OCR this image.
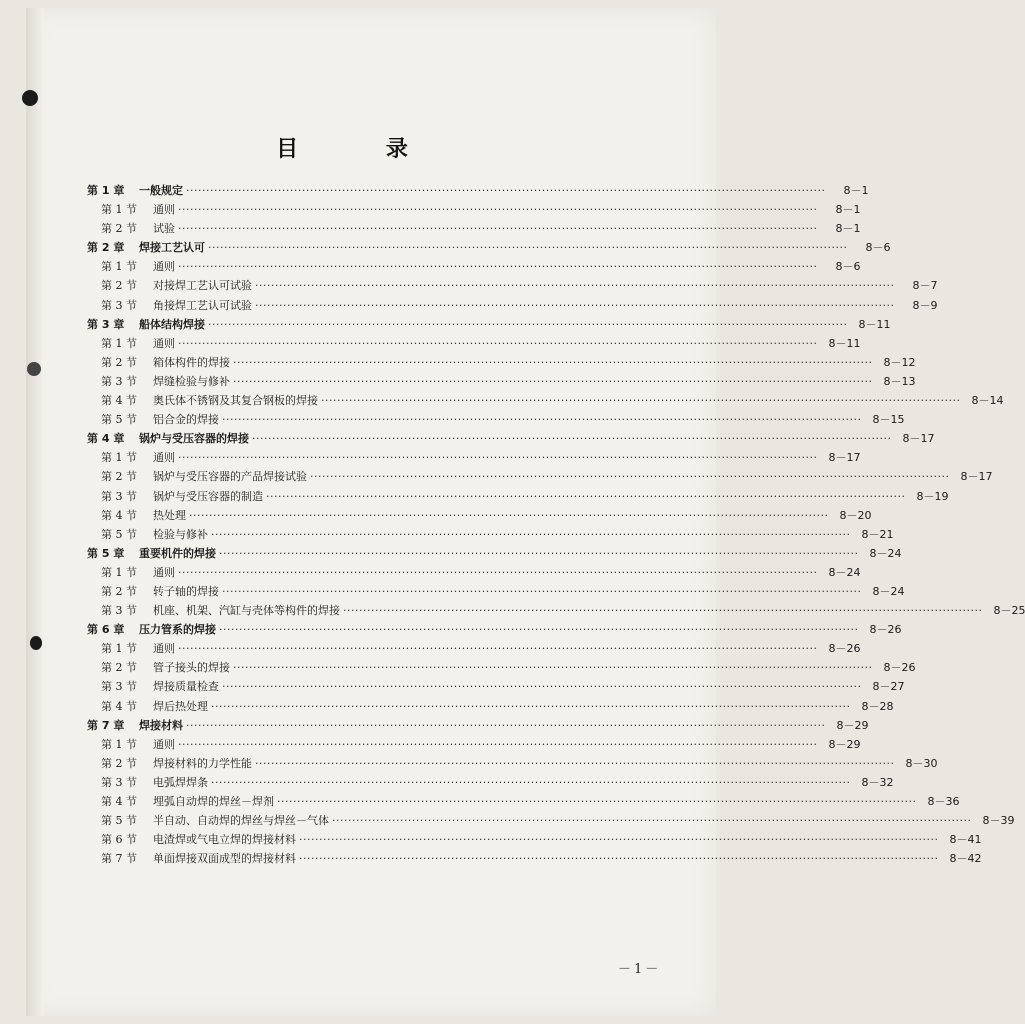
目 录
第 1 章	一般规定 ································································································································································	8－1
第 1 节	通则 ································································································································································	8－1
第 2 节	试验 ································································································································································	8－1
第 2 章	焊接工艺认可 ································································································································································	8－6
第 1 节	通则 ································································································································································	8－6
第 2 节	对接焊工艺认可试验 ································································································································································	8－7
第 3 节	角接焊工艺认可试验 ································································································································································	8－9
第 3 章	船体结构焊接 ································································································································································	8－11
第 1 节	通则 ································································································································································	8－11
第 2 节	箱体构件的焊接 ································································································································································	8－12
第 3 节	焊缝检验与修补 ································································································································································	8－13
第 4 节	奥氏体不锈钢及其复合钢板的焊接 ································································································································································	8－14
第 5 节	铝合金的焊接 ································································································································································	8－15
第 4 章	锅炉与受压容器的焊接 ································································································································································	8－17
第 1 节	通则 ································································································································································	8－17
第 2 节	锅炉与受压容器的产品焊接试验 ································································································································································	8－17
第 3 节	锅炉与受压容器的制造 ································································································································································	8－19
第 4 节	热处理 ································································································································································	8－20
第 5 节	检验与修补 ································································································································································	8－21
第 5 章	重要机件的焊接 ································································································································································	8－24
第 1 节	通则 ································································································································································	8－24
第 2 节	转子轴的焊接 ································································································································································	8－24
第 3 节	机座、机架、汽缸与壳体等构件的焊接 ································································································································································	8－25
第 6 章	压力管系的焊接 ································································································································································	8－26
第 1 节	通则 ································································································································································	8－26
第 2 节	管子接头的焊接 ································································································································································	8－26
第 3 节	焊接质量检查 ································································································································································	8－27
第 4 节	焊后热处理 ································································································································································	8－28
第 7 章	焊接材料 ································································································································································	8－29
第 1 节	通则 ································································································································································	8－29
第 2 节	焊接材料的力学性能 ································································································································································	8－30
第 3 节	电弧焊焊条 ································································································································································	8－32
第 4 节	埋弧自动焊的焊丝－焊剂 ································································································································································	8－36
第 5 节	半自动、自动焊的焊丝与焊丝－气体 ································································································································································	8－39
第 6 节	电渣焊或气电立焊的焊接材料 ································································································································································	8－41
第 7 节	单面焊接双面成型的焊接材料 ································································································································································	8－42
－1－
